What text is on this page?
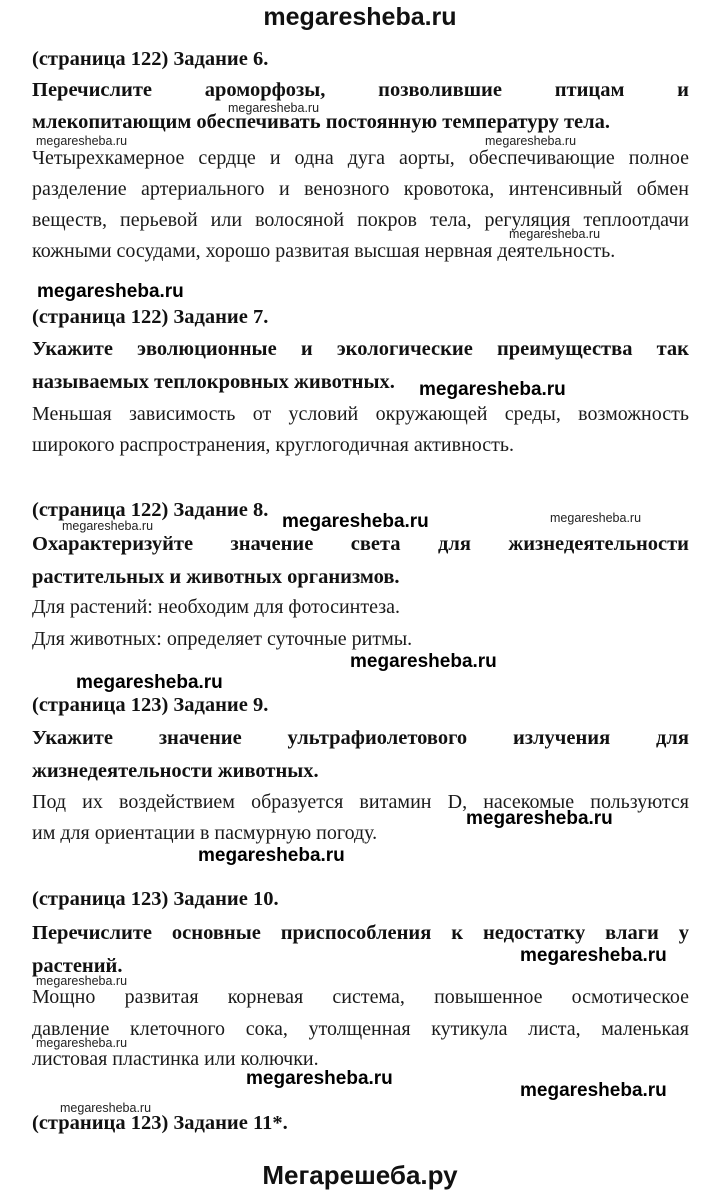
megaresheba.ru
(страница 122) Задание 6.
Перечислите ароморфозы, позволившие птицам и
млекопитающим обеспечивать постоянную температуру тела.
Четырехкамерное сердце и одна дуга аорты, обеспечивающие полное
разделение артериального и венозного кровотока, интенсивный обмен
веществ, перьевой или волосяной покров тела, регуляция теплоотдачи
кожными сосудами, хорошо развитая высшая нервная деятельность.
(страница 122) Задание 7.
Укажите эволюционные и экологические преимущества так
называемых теплокровных животных.
Меньшая зависимость от условий окружающей среды, возможность
широкого распространения, круглогодичная активность.
(страница 122) Задание 8.
Охарактеризуйте значение света для жизнедеятельности
растительных и животных организмов.
Для растений: необходим для фотосинтеза.
Для животных: определяет суточные ритмы.
(страница 123) Задание 9.
Укажите значение ультрафиолетового излучения для
жизнедеятельности животных.
Под их воздействием образуется витамин D, насекомые пользуются
им для ориентации в пасмурную погоду.
(страница 123) Задание 10.
Перечислите основные приспособления к недостатку влаги у
растений.
Мощно развитая корневая система, повышенное осмотическое
давление клеточного сока, утолщенная кутикула листа, маленькая
листовая пластинка или колючки.
(страница 123) Задание 11*.
megaresheba.ru
megaresheba.ru	megaresheba.ru
megaresheba.ru
megaresheba.ru
megaresheba.ru
megaresheba.ru	megaresheba.ru	megaresheba.ru
megaresheba.ru
megaresheba.ru
megaresheba.ru
megaresheba.ru
megaresheba.ru
megaresheba.ru
megaresheba.ru
megaresheba.ru
megaresheba.ru
megaresheba.ru
Мегарешеба.ру
